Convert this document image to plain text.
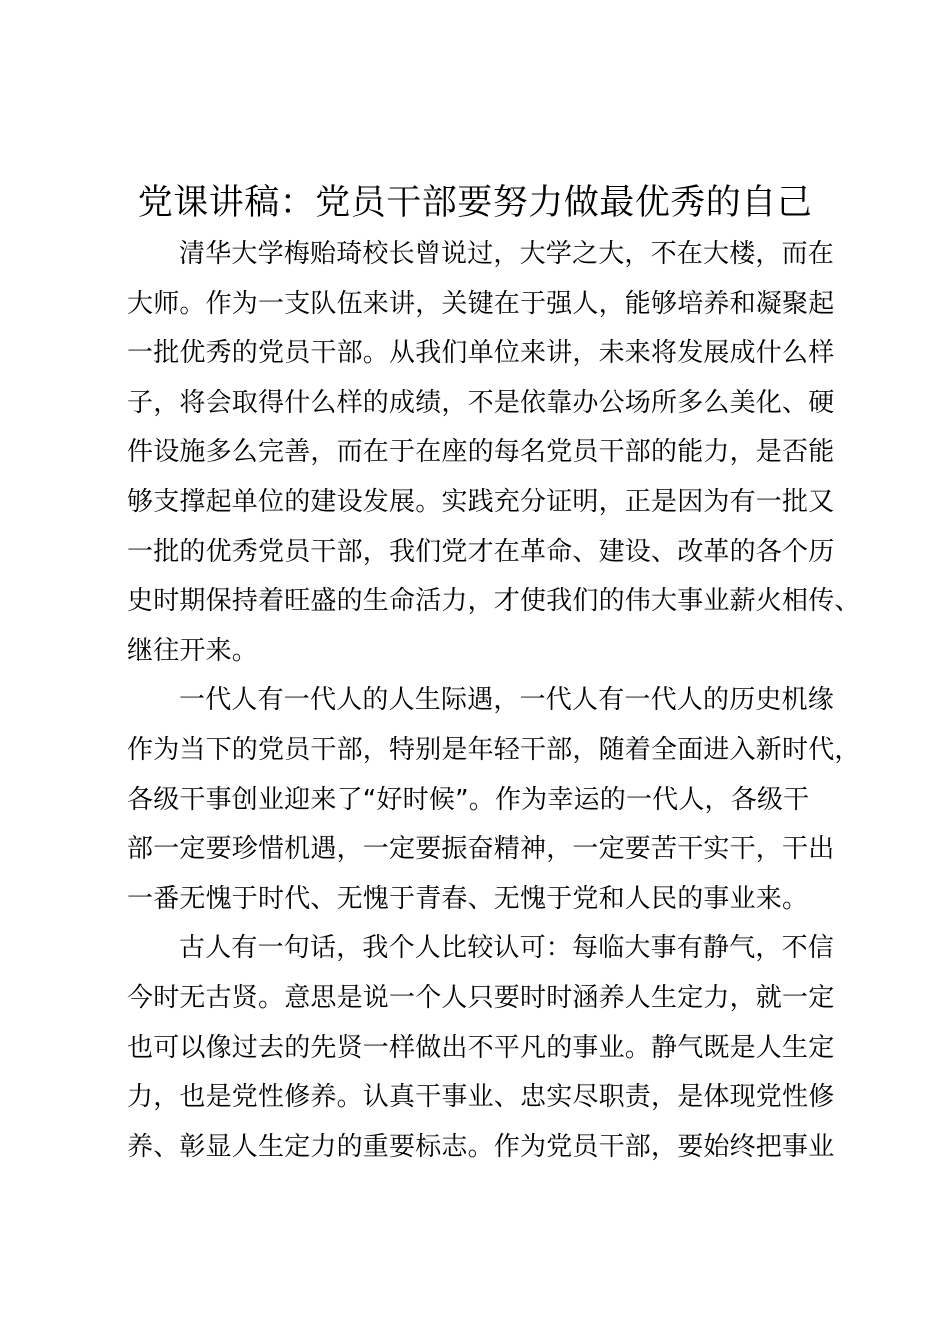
党课讲稿：党员干部要努力做最优秀的自己
清华大学梅贻琦校长曾说过，大学之大，不在大楼，而在
大师。作为一支队伍来讲，关键在于强人，能够培养和凝聚起
一批优秀的党员干部。从我们单位来讲，未来将发展成什么样
子，将会取得什么样的成绩，不是依靠办公场所多么美化、硬
件设施多么完善，而在于在座的每名党员干部的能力，是否能
够支撑起单位的建设发展。实践充分证明，正是因为有一批又
一批的优秀党员干部，我们党才在革命、建设、改革的各个历
史时期保持着旺盛的生命活力，才使我们的伟大事业薪火相传、
继往开来。
一代人有一代人的人生际遇，一代人有一代人的历史机缘
作为当下的党员干部，特别是年轻干部，随着全面进入新时代，
各级干事创业迎来了“好时候”。作为幸运的一代人，各级干
部一定要珍惜机遇，一定要振奋精神，一定要苦干实干，干出
一番无愧于时代、无愧于青春、无愧于党和人民的事业来。
古人有一句话，我个人比较认可：每临大事有静气，不信
今时无古贤。意思是说一个人只要时时涵养人生定力，就一定
也可以像过去的先贤一样做出不平凡的事业。静气既是人生定
力，也是党性修养。认真干事业、忠实尽职责，是体现党性修
养、彰显人生定力的重要标志。作为党员干部，要始终把事业
